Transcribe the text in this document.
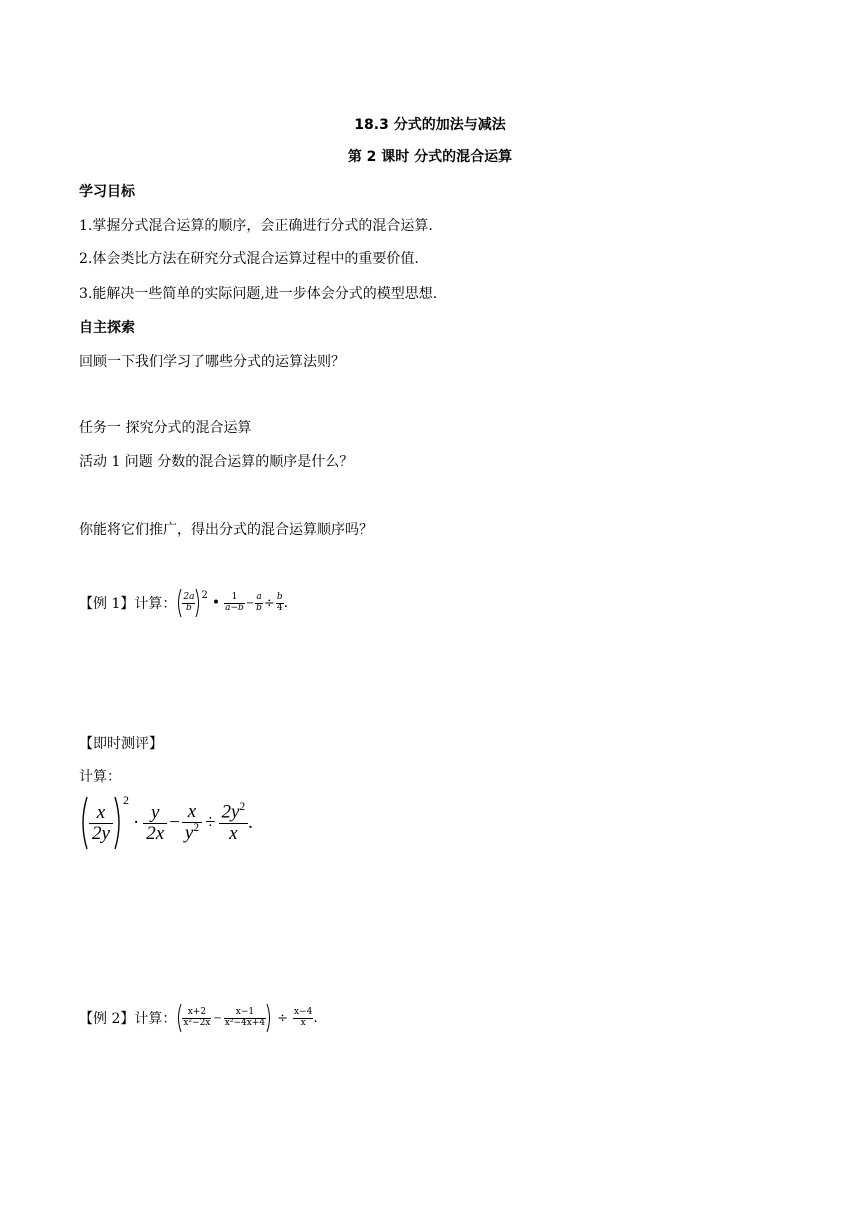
18.3 分式的加法与减法
第 2 课时 分式的混合运算
学习目标
1.掌握分式混合运算的顺序，会正确进行分式的混合运算.
2.体会类比方法在研究分式混合运算过程中的重要价值.
3.能解决一些简单的实际问题,进一步体会分式的模型思想.
自主探索
回顾一下我们学习了哪些分式的运算法则？
任务一 探究分式的混合运算
活动 1 问题 分数的混合运算的顺序是什么？
你能将它们推广，得出分式的混合运算顺序吗？
【例 1】计算： $\frac{2a}{b} 2$ • $\frac{1}{a-b} - \frac{a}{b} \div \frac{b}{4}$ .
【即时测评】
计算：
$\frac{x}{2y}$
2
· $\frac{y}{2x} - \frac{x}{y^2} \div \frac{2y^2}{x}$ .
【例 2】计算： $\frac{x+2}{\text{x²−2x}} - \frac{x-1}{\text{x²−4x+4}} \div \frac{x-4}{x}$ .
